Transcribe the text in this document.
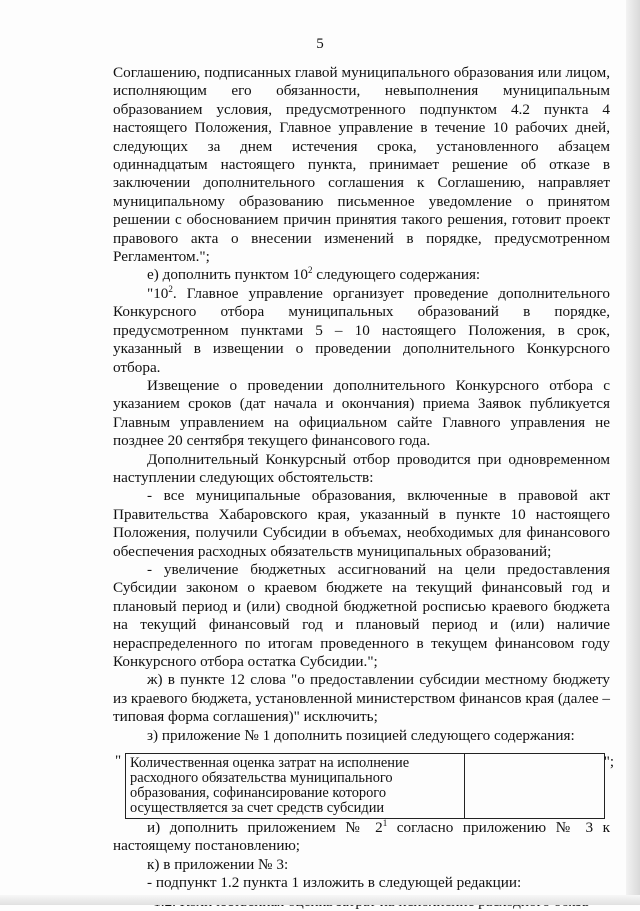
5

Соглашению, подписанных главой муниципального образования или лицом, исполняющим его обязанности, невыполнения муниципальным образованием условия, предусмотренного подпунктом 4.2 пункта 4 настоящего Положения, Главное управление в течение 10 рабочих дней, следующих за днем истечения срока, установленного абзацем одиннадцатым настоящего пункта, принимает решение об отказе в заключении дополнительного соглашения к Соглашению, направляет муниципальному образованию письменное уведомление о принятом решении с обоснованием причин принятия такого решения, готовит проект правового акта о внесении изменений в порядке, предусмотренном Регламентом.";

е) дополнить пунктом $10^2$ следующего содержания:

"$10^2$. Главное управление организует проведение дополнительного Конкурсного отбора муниципальных образований в порядке, предусмотренном пунктами 5 – 10 настоящего Положения, в срок, указанный в извещении о проведении дополнительного Конкурсного отбора.

Извещение о проведении дополнительного Конкурсного отбора с указанием сроков (дат начала и окончания) приема Заявок публикуется Главным управлением на официальном сайте Главного управления не позднее 20 сентября текущего финансового года.

Дополнительный Конкурсный отбор проводится при одновременном наступлении следующих обстоятельств:

- все муниципальные образования, включенные в правовой акт Правительства Хабаровского края, указанный в пункте 10 настоящего Положения, получили Субсидии в объемах, необходимых для финансового обеспечения расходных обязательств муниципальных образований;

- увеличение бюджетных ассигнований на цели предоставления Субсидии законом о краевом бюджете на текущий финансовый год и плановый период и (или) сводной бюджетной росписью краевого бюджета на текущий финансовый год и плановый период и (или) наличие нераспределенного по итогам проведенного в текущем финансовом году Конкурсного отбора остатка Субсидии.";

ж) в пункте 12 слова "о предоставлении субсидии местному бюджету из краевого бюджета, установленной министерством финансов края (далее – типовая форма соглашения)" исключить;

з) приложение № 1 дополнить позицией следующего содержания:

" Количественная оценка затрат на исполнение расходного обязательства муниципального образования, софинансирование которого осуществляется за счет средств субсидии	
";

и) дополнить приложением № $2^1$ согласно приложению № 3 к настоящему постановлению;

к) в приложении № 3:

- подпункт 1.2 пункта 1 изложить в следующей редакции:
